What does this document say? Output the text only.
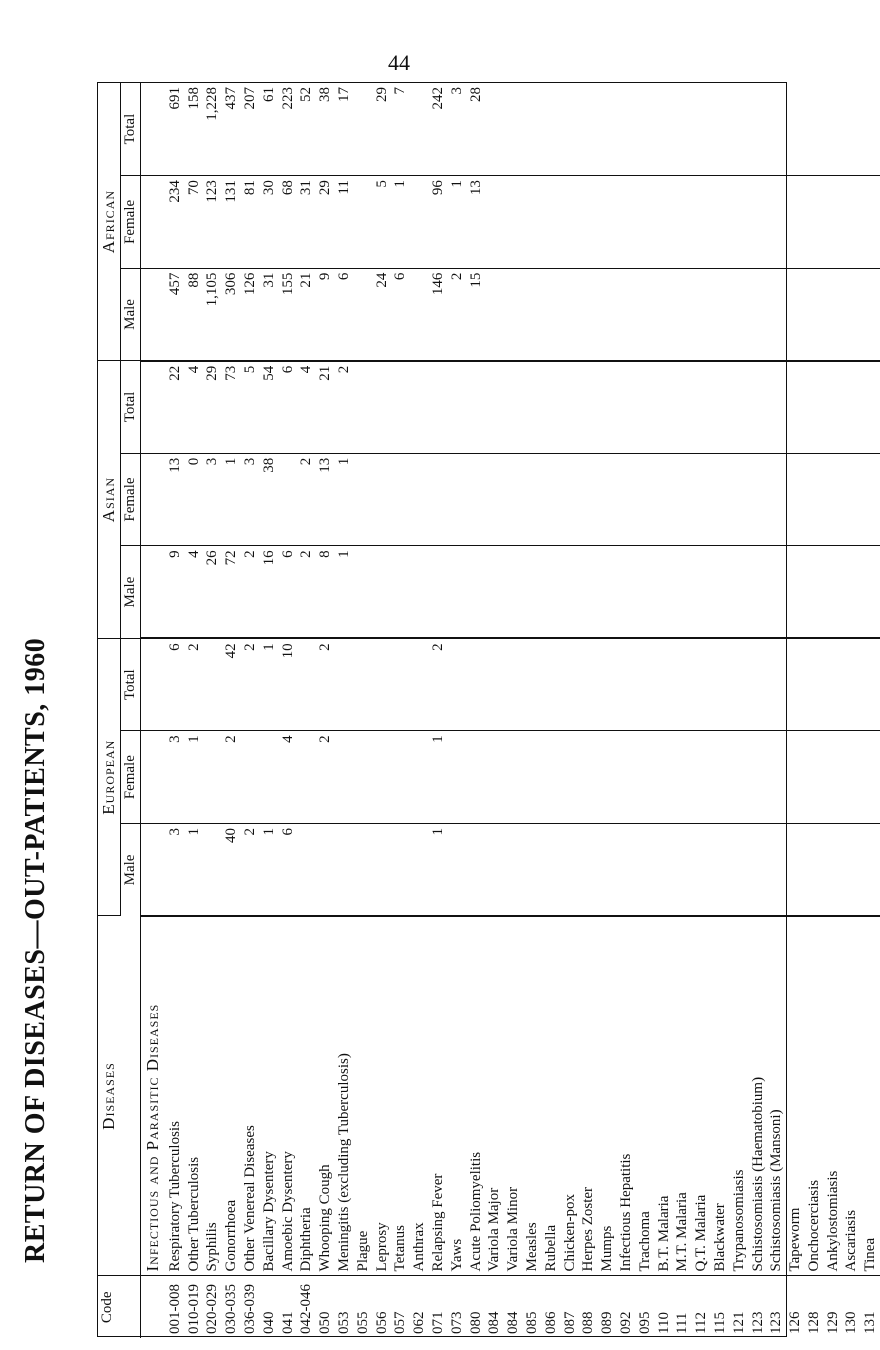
RETURN OF DISEASES—OUT-PATIENTS, 1960
44
Code	Diseases	European			Asian			African		
		Male	Female	Total	Male	Female	Total	Male	Female	Total
	Infectious and Parasitic Diseases									
001-008	Respiratory Tuberculosis	3	3	6	9	13	22	457	234	691
010-019	Other Tuberculosis	1	1	2	4	0	4	88	70	158
020-029	Syphilis				26	3	29	1,105	123	1,228
030-035	Gonorrhoea	40	2	42	72	1	73	306	131	437
036-039	Other Venereal Diseases	2		2	2	3	5	126	81	207
040	Bacillary Dysentery	1		1	16	38	54	31	30	61
041	Amoebic Dysentery	6	4	10	6		6	155	68	223
042-046	Diphtheria				2	2	4	21	31	52
050	Whooping Cough		2	2	8	13	21	9	29	38
053	Meningitis (excluding Tuberculosis)				1	1	2	6	11	17
055	Plague									
056	Leprosy							24	5	29
057	Tetanus							6	1	7
062	Anthrax									
071	Relapsing Fever	1	1	2				146	96	242
073	Yaws							2	1	3
080	Acute Poliomyelitis							15	13	28
084	Variola Major									
084	Variola Minor									
085	Measles									
086	Rubella									
087	Chicken-pox									
088	Herpes Zoster									
089	Mumps									
092	Infectious Hepatitis									
095	Trachoma									
110	B.T. Malaria									
111	M.T. Malaria									
112	Q.T. Malaria									
115	Blackwater									
121	Trypanosomiasis									
123	Schistosomiasis (Haematobium)									
123	Schistosomiasis (Mansoni)									
126	Tapeworm									
128	Onchocerciasis									
129	Ankylostomiasis									
130	Ascariasis									
131	Tinea									
